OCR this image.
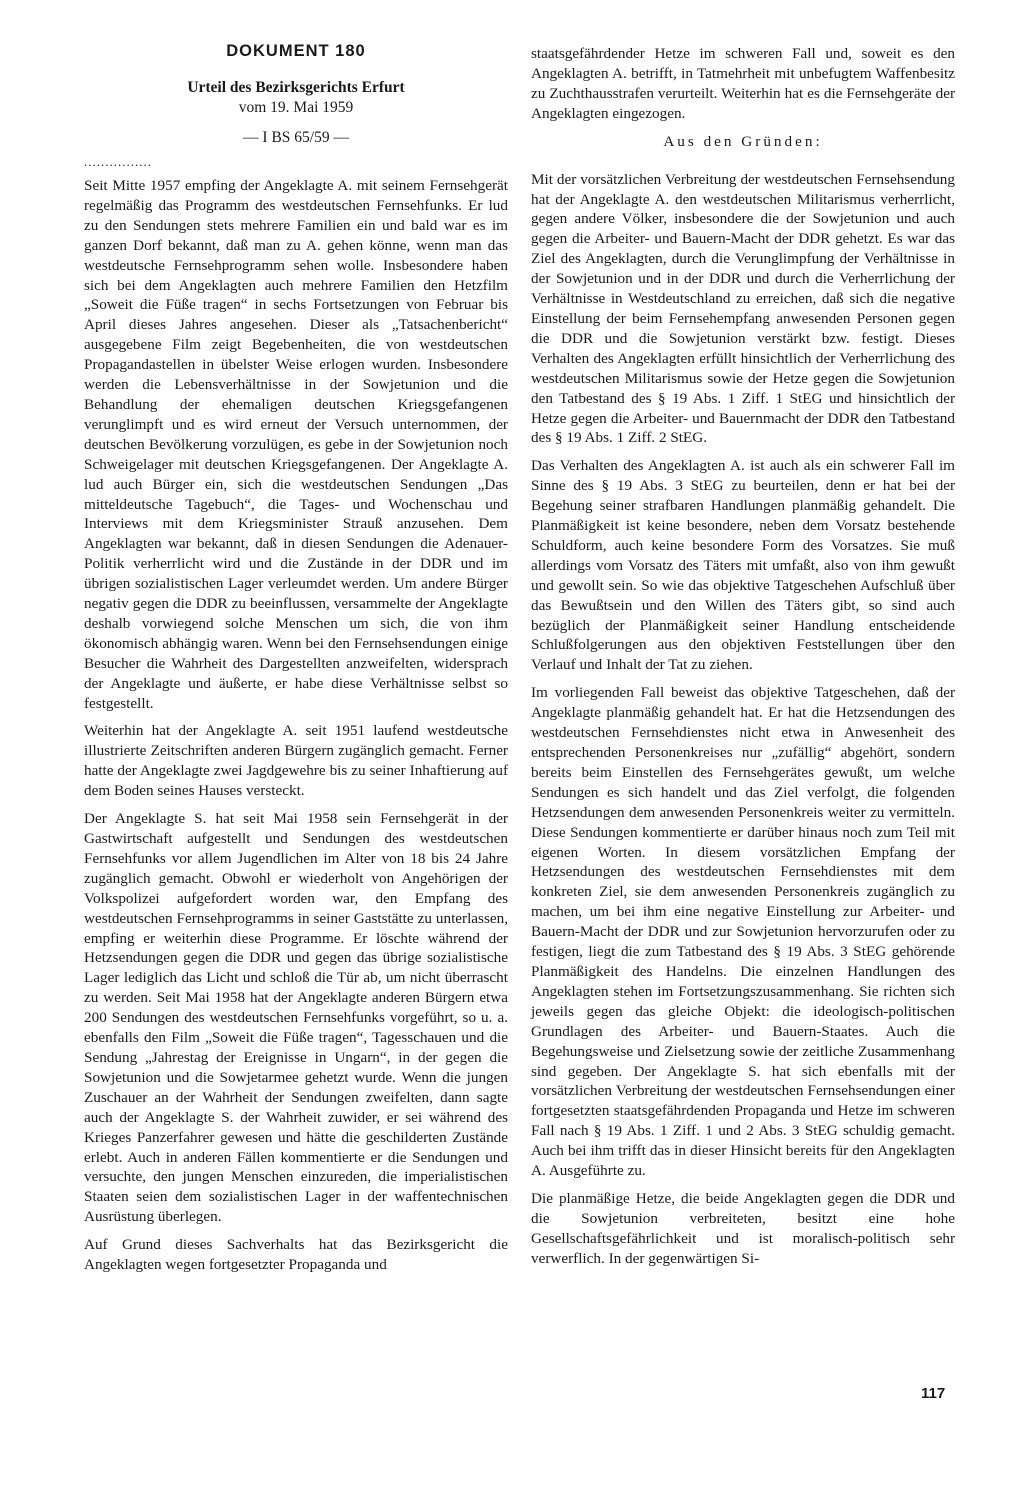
DOKUMENT 180
Urteil des Bezirksgerichts Erfurt
vom 19. Mai 1959
— I BS 65/59 —
................

Seit Mitte 1957 empfing der Angeklagte A. mit seinem Fernsehgerät regelmäßig das Programm des westdeutschen Fernsehfunks. Er lud zu den Sendungen stets mehrere Familien ein und bald war es im ganzen Dorf bekannt, daß man zu A. gehen könne, wenn man das westdeutsche Fernsehprogramm sehen wolle. Insbesondere haben sich bei dem Angeklagten auch mehrere Familien den Hetzfilm „Soweit die Füße tragen“ in sechs Fortsetzungen von Februar bis April dieses Jahres angesehen. Dieser als „Tatsachenbericht“ ausgegebene Film zeigt Begebenheiten, die von westdeutschen Propagandastellen in übelster Weise erlogen wurden. Insbesondere werden die Lebensverhältnisse in der Sowjetunion und die Behandlung der ehemaligen deutschen Kriegsgefangenen verunglimpft und es wird erneut der Versuch unternommen, der deutschen Bevölkerung vorzulügen, es gebe in der Sowjetunion noch Schweigelager mit deutschen Kriegsgefangenen. Der Angeklagte A. lud auch Bürger ein, sich die westdeutschen Sendungen „Das mitteldeutsche Tagebuch“, die Tages- und Wochenschau und Interviews mit dem Kriegsminister Strauß anzusehen. Dem Angeklagten war bekannt, daß in diesen Sendungen die Adenauer-Politik verherrlicht wird und die Zustände in der DDR und im übrigen sozialistischen Lager verleumdet werden. Um andere Bürger negativ gegen die DDR zu beeinflussen, versammelte der Angeklagte deshalb vorwiegend solche Menschen um sich, die von ihm ökonomisch abhängig waren. Wenn bei den Fernsehsendungen einige Besucher die Wahrheit des Dargestellten anzweifelten, widersprach der Angeklagte und äußerte, er habe diese Verhältnisse selbst so festgestellt.

Weiterhin hat der Angeklagte A. seit 1951 laufend westdeutsche illustrierte Zeitschriften anderen Bürgern zugänglich gemacht. Ferner hatte der Angeklagte zwei Jagdgewehre bis zu seiner Inhaftierung auf dem Boden seines Hauses versteckt.

Der Angeklagte S. hat seit Mai 1958 sein Fernsehgerät in der Gastwirtschaft aufgestellt und Sendungen des westdeutschen Fernsehfunks vor allem Jugendlichen im Alter von 18 bis 24 Jahre zugänglich gemacht. Obwohl er wiederholt von Angehörigen der Volkspolizei aufgefordert worden war, den Empfang des westdeutschen Fernsehprogramms in seiner Gaststätte zu unterlassen, empfing er weiterhin diese Programme. Er löschte während der Hetzsendungen gegen die DDR und gegen das übrige sozialistische Lager lediglich das Licht und schloß die Tür ab, um nicht überrascht zu werden. Seit Mai 1958 hat der Angeklagte anderen Bürgern etwa 200 Sendungen des westdeutschen Fernsehfunks vorgeführt, so u. a. ebenfalls den Film „Soweit die Füße tragen“, Tagesschauen und die Sendung „Jahrestag der Ereignisse in Ungarn“, in der gegen die Sowjetunion und die Sowjetarmee gehetzt wurde. Wenn die jungen Zuschauer an der Wahrheit der Sendungen zweifelten, dann sagte auch der Angeklagte S. der Wahrheit zuwider, er sei während des Krieges Panzerfahrer gewesen und hätte die geschilderten Zustände erlebt. Auch in anderen Fällen kommentierte er die Sendungen und versuchte, den jungen Menschen einzureden, die imperialistischen Staaten seien dem sozialistischen Lager in der waffentechnischen Ausrüstung überlegen.

Auf Grund dieses Sachverhalts hat das Bezirksgericht die Angeklagten wegen fortgesetzter Propaganda und

staatsgefährdender Hetze im schweren Fall und, soweit es den Angeklagten A. betrifft, in Tatmehrheit mit unbefugtem Waffenbesitz zu Zuchthausstrafen verurteilt. Weiterhin hat es die Fernsehgeräte der Angeklagten eingezogen.

Aus den Gründen:

Mit der vorsätzlichen Verbreitung der westdeutschen Fernsehsendung hat der Angeklagte A. den westdeutschen Militarismus verherrlicht, gegen andere Völker, insbesondere die der Sowjetunion und auch gegen die Arbeiter- und Bauern-Macht der DDR gehetzt. Es war das Ziel des Angeklagten, durch die Verunglimpfung der Verhältnisse in der Sowjetunion und in der DDR und durch die Verherrlichung der Verhältnisse in Westdeutschland zu erreichen, daß sich die negative Einstellung der beim Fernsehempfang anwesenden Personen gegen die DDR und die Sowjetunion verstärkt bzw. festigt. Dieses Verhalten des Angeklagten erfüllt hinsichtlich der Verherrlichung des westdeutschen Militarismus sowie der Hetze gegen die Sowjetunion den Tatbestand des § 19 Abs. 1 Ziff. 1 StEG und hinsichtlich der Hetze gegen die Arbeiter- und Bauernmacht der DDR den Tatbestand des § 19 Abs. 1 Ziff. 2 StEG.

Das Verhalten des Angeklagten A. ist auch als ein schwerer Fall im Sinne des § 19 Abs. 3 StEG zu beurteilen, denn er hat bei der Begehung seiner strafbaren Handlungen planmäßig gehandelt. Die Planmäßigkeit ist keine besondere, neben dem Vorsatz bestehende Schuldform, auch keine besondere Form des Vorsatzes. Sie muß allerdings vom Vorsatz des Täters mit umfaßt, also von ihm gewußt und gewollt sein. So wie das objektive Tatgeschehen Aufschluß über das Bewußtsein und den Willen des Täters gibt, so sind auch bezüglich der Planmäßigkeit seiner Handlung entscheidende Schlußfolgerungen aus den objektiven Feststellungen über den Verlauf und Inhalt der Tat zu ziehen.

Im vorliegenden Fall beweist das objektive Tatgeschehen, daß der Angeklagte planmäßig gehandelt hat. Er hat die Hetzsendungen des westdeutschen Fernsehdienstes nicht etwa in Anwesenheit des entsprechenden Personenkreises nur „zufällig“ abgehört, sondern bereits beim Einstellen des Fernsehgerätes gewußt, um welche Sendungen es sich handelt und das Ziel verfolgt, die folgenden Hetzsendungen dem anwesenden Personenkreis weiter zu vermitteln. Diese Sendungen kommentierte er darüber hinaus noch zum Teil mit eigenen Worten. In diesem vorsätzlichen Empfang der Hetzsendungen des westdeutschen Fernsehdienstes mit dem konkreten Ziel, sie dem anwesenden Personenkreis zugänglich zu machen, um bei ihm eine negative Einstellung zur Arbeiter- und Bauern-Macht der DDR und zur Sowjetunion hervorzurufen oder zu festigen, liegt die zum Tatbestand des § 19 Abs. 3 StEG gehörende Planmäßigkeit des Handelns. Die einzelnen Handlungen des Angeklagten stehen im Fortsetzungszusammenhang. Sie richten sich jeweils gegen das gleiche Objekt: die ideologisch-politischen Grundlagen des Arbeiter- und Bauern-Staates. Auch die Begehungsweise und Zielsetzung sowie der zeitliche Zusammenhang sind gegeben. Der Angeklagte S. hat sich ebenfalls mit der vorsätzlichen Verbreitung der westdeutschen Fernsehsendungen einer fortgesetzten staatsgefährdenden Propaganda und Hetze im schweren Fall nach § 19 Abs. 1 Ziff. 1 und 2 Abs. 3 StEG schuldig gemacht. Auch bei ihm trifft das in dieser Hinsicht bereits für den Angeklagten A. Ausgeführte zu.

Die planmäßige Hetze, die beide Angeklagten gegen die DDR und die Sowjetunion verbreiteten, besitzt eine hohe Gesellschaftsgefährlichkeit und ist moralisch-politisch sehr verwerflich. In der gegenwärtigen Si-

117
